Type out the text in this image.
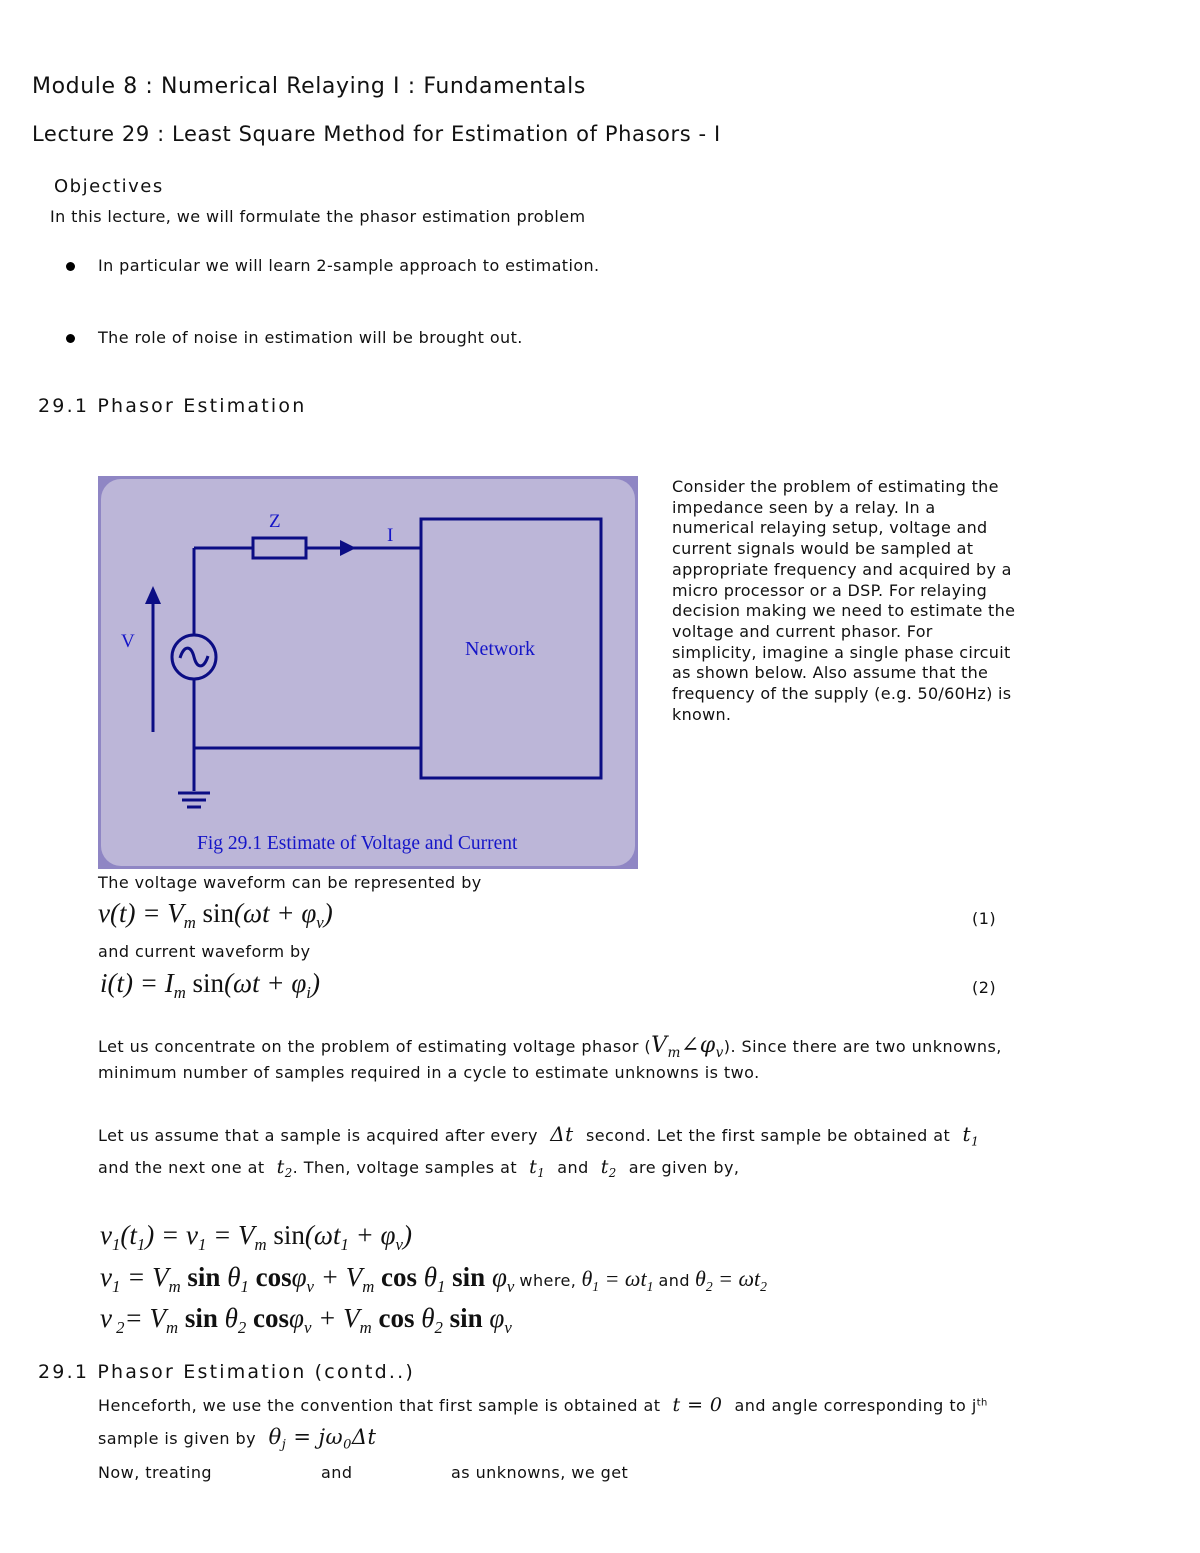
Module 8 : Numerical Relaying I : Fundamentals
Lecture 29 : Least Square Method for Estimation of Phasors - I
Objectives
In this lecture, we will formulate the phasor estimation problem
In particular we will learn 2-sample approach to estimation.
The role of noise in estimation will be brought out.
29.1 Phasor Estimation
Z
I
V	Network
Fig 29.1 Estimate of Voltage and Current
Consider the problem of estimating the
impedance seen by a relay. In a
numerical relaying setup, voltage and
current signals would be sampled at
appropriate frequency and acquired by a
micro processor or a DSP. For relaying
decision making we need to estimate the
voltage and current phasor. For
simplicity, imagine a single phase circuit
as shown below. Also assume that the
frequency of the supply (e.g. 50/60Hz) is
known.
The voltage waveform can be represented by
$v(t) = V_m$ $\sin(\omega t + \varphi_v)$	(1)
and current waveform by
$i(t) = I_m$ $\sin(\omega t + \varphi_i)$	(2)
Let us concentrate on the problem of estimating voltage phasor $(V_m\angle\varphi_v)$. Since there are two unknowns,
minimum number of samples required in a cycle to estimate unknowns is two.
Let us assume that a sample is acquired after every  Δt  second. Let the first sample be obtained at  $t_1$
and the next one at  $t_2$. Then, voltage samples at  $t_1$ and  $t_2$ are given by,
$v_1(t_1) = v_1 = V_m$ $\sin(\omega t_1 + \varphi_v)$
$v_1 = V_m$ $\sin \theta_1$ $\cos\varphi_v + V_m$ $\cos \theta_1$ $\sin \varphi_v$ where, $\theta_1 = \omega t_1$ and $\theta_2 = \omega t_2$
v $_2= V_m$ $\sin \theta_2$ $\cos\varphi_v + V_m$ $\cos \theta_2$ $\sin \varphi_v$
29.1 Phasor Estimation (contd..)
Henceforth, we use the convention that first sample is obtained at  t = 0  and angle corresponding to $j^{th}$
sample is given by  $\theta_j = j\omega_0\Delta t$
Now, treating	and	as unknowns, we get
